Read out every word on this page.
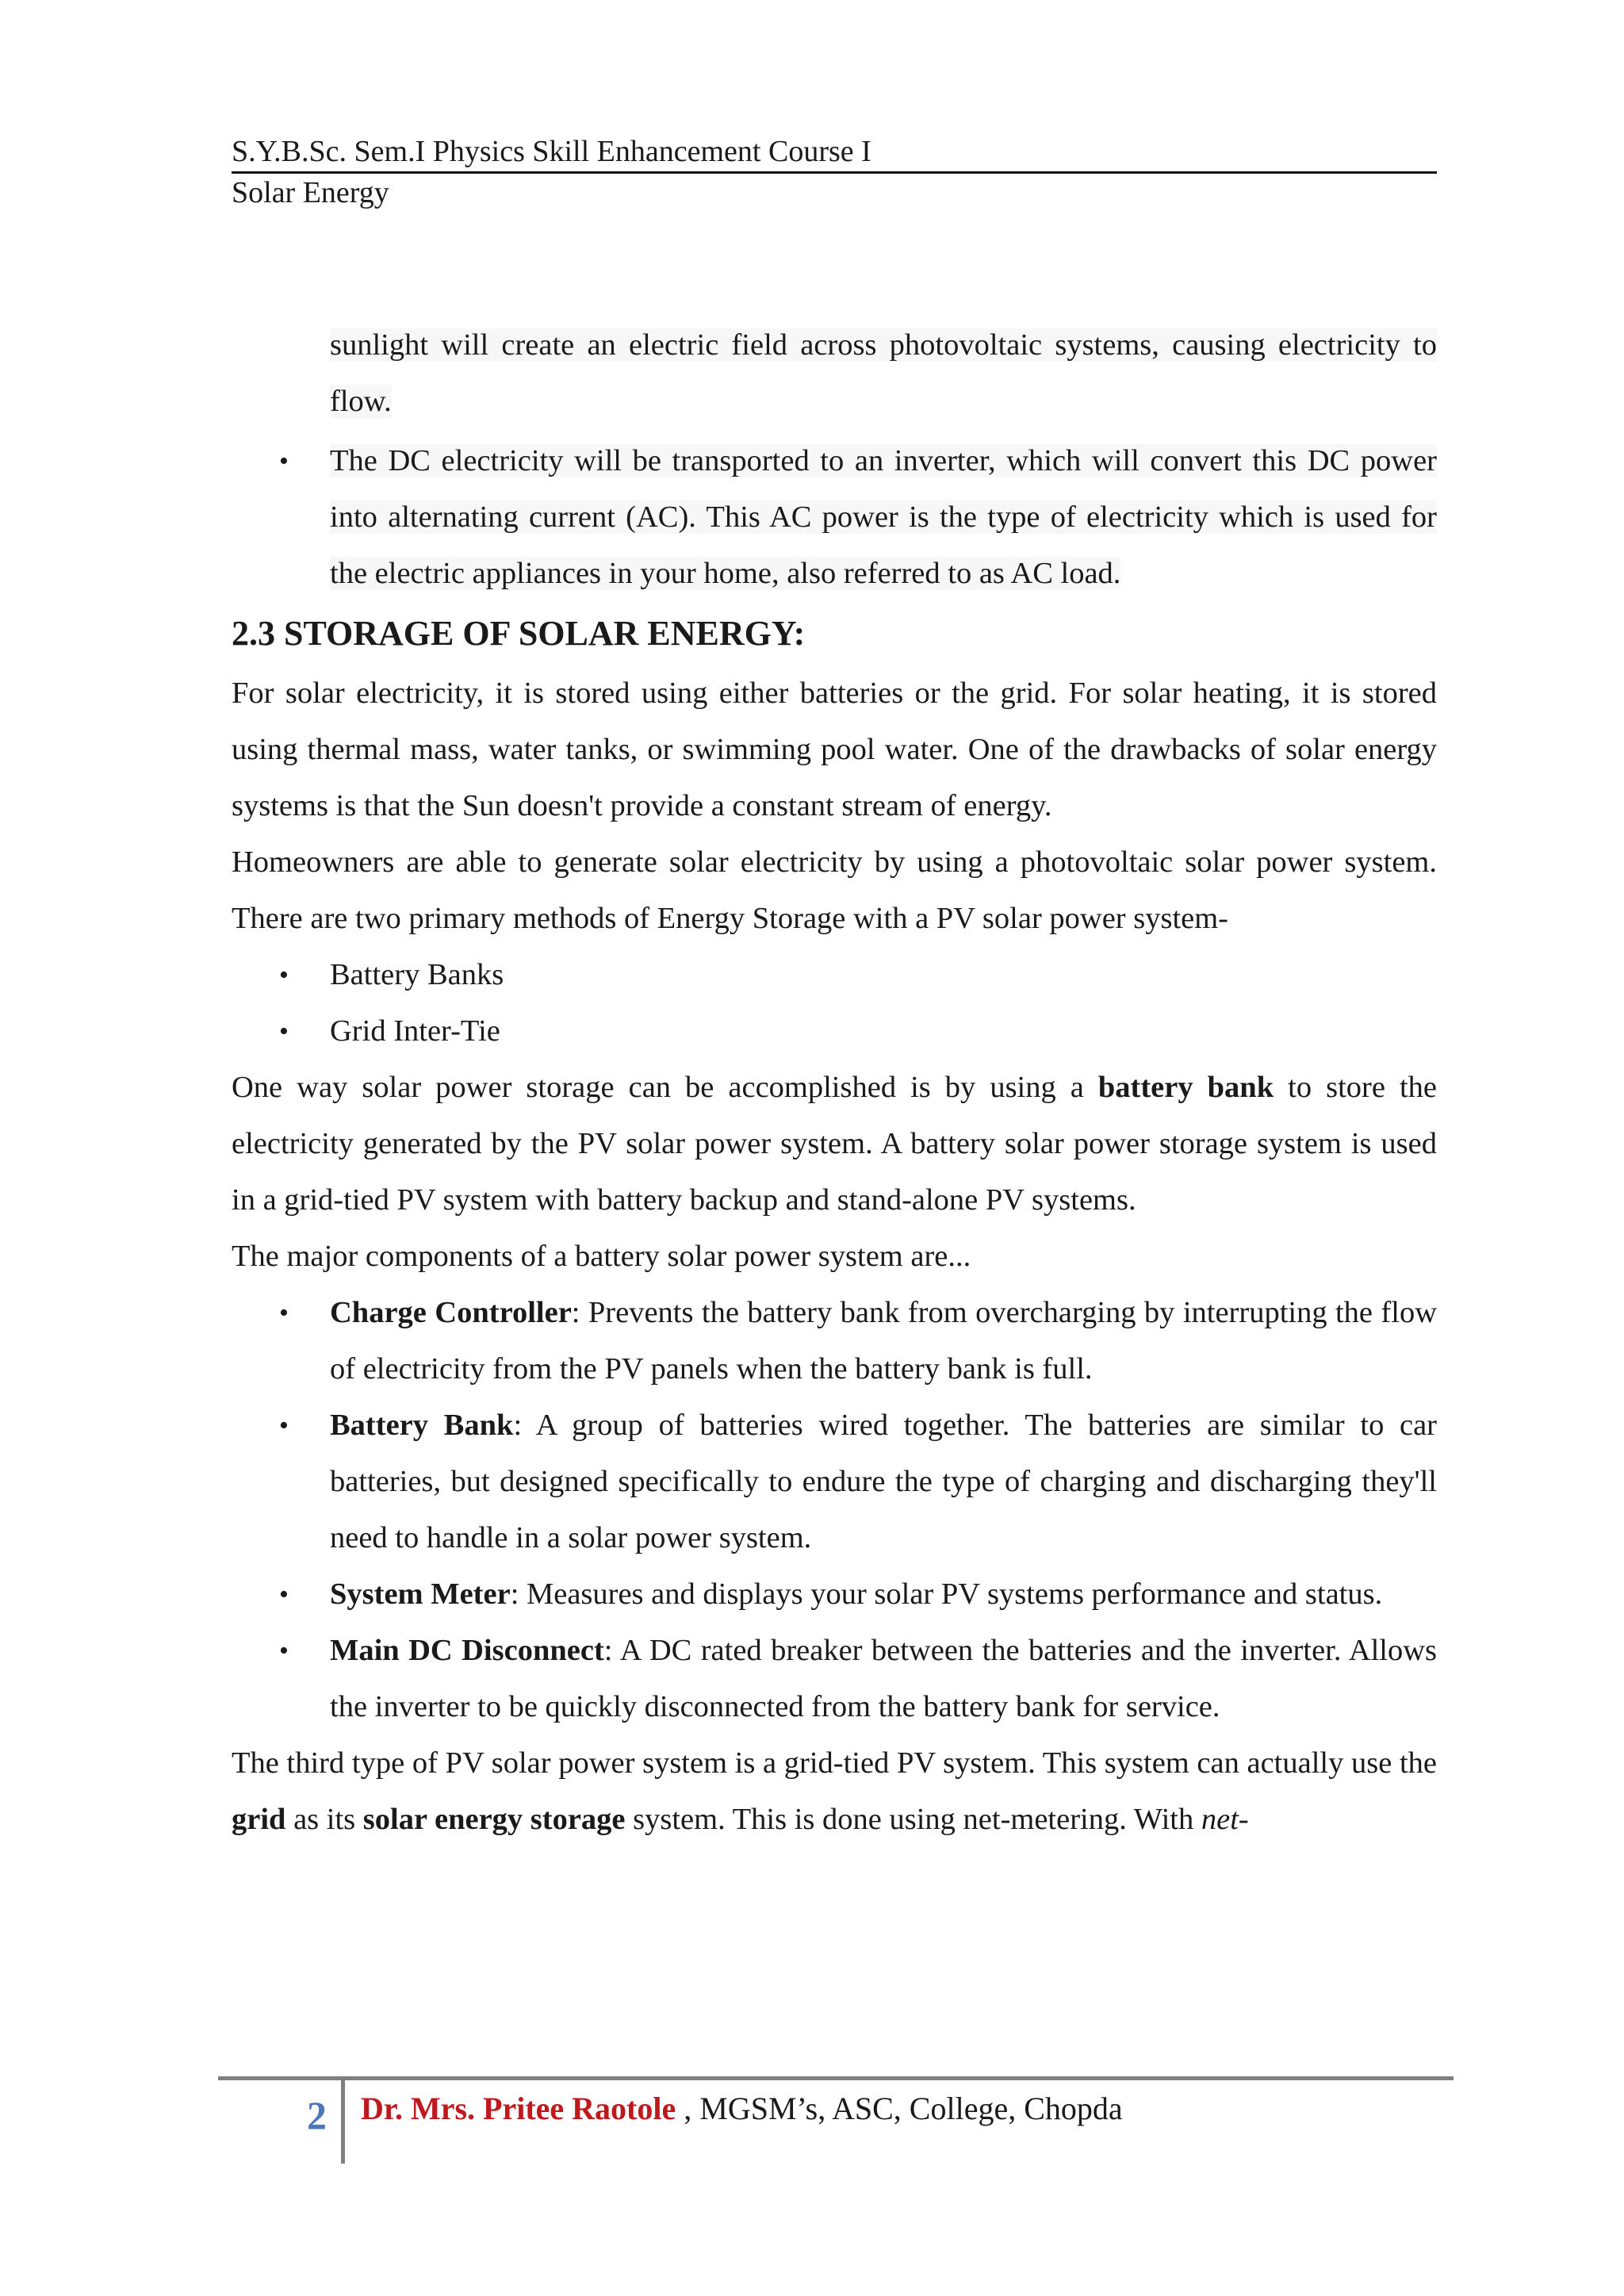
S.Y.B.Sc. Sem.I Physics Skill Enhancement Course I
Solar Energy

sunlight will create an electric field across photovoltaic systems, causing electricity to flow.

• The DC electricity will be transported to an inverter, which will convert this DC power into alternating current (AC). This AC power is the type of electricity which is used for the electric appliances in your home, also referred to as AC load.

2.3 STORAGE OF SOLAR ENERGY:

For solar electricity, it is stored using either batteries or the grid. For solar heating, it is stored using thermal mass, water tanks, or swimming pool water. One of the drawbacks of solar energy systems is that the Sun doesn't provide a constant stream of energy.

Homeowners are able to generate solar electricity by using a photovoltaic solar power system. There are two primary methods of Energy Storage with a PV solar power system-

• Battery Banks

• Grid Inter-Tie

One way solar power storage can be accomplished is by using a battery bank to store the electricity generated by the PV solar power system. A battery solar power storage system is used in a grid-tied PV system with battery backup and stand-alone PV systems.

The major components of a battery solar power system are...

• Charge Controller: Prevents the battery bank from overcharging by interrupting the flow of electricity from the PV panels when the battery bank is full.

• Battery Bank: A group of batteries wired together. The batteries are similar to car batteries, but designed specifically to endure the type of charging and discharging they'll need to handle in a solar power system.

• System Meter: Measures and displays your solar PV systems performance and status.

• Main DC Disconnect: A DC rated breaker between the batteries and the inverter. Allows the inverter to be quickly disconnected from the battery bank for service.

The third type of PV solar power system is a grid-tied PV system. This system can actually use the grid as its solar energy storage system. This is done using net-metering. With net-

2 Dr. Mrs. Pritee Raotole , MGSM’s, ASC, College, Chopda
